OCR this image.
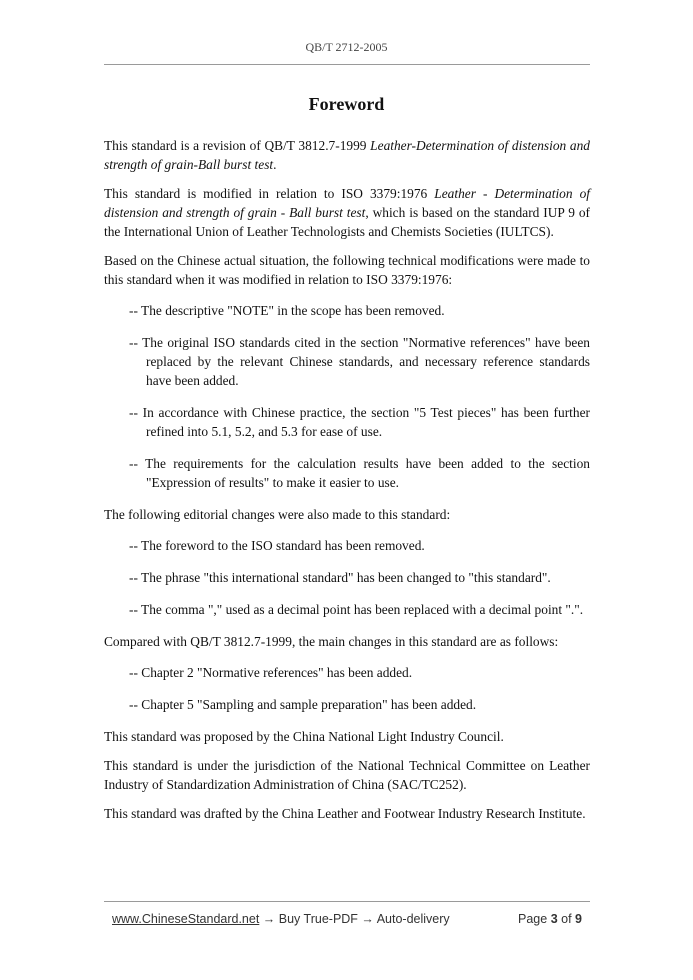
QB/T 2712-2005
Foreword

This standard is a revision of QB/T 3812.7-1999 Leather-Determination of distension and strength of grain-Ball burst test.

This standard is modified in relation to ISO 3379:1976 Leather - Determination of distension and strength of grain - Ball burst test, which is based on the standard IUP 9 of the International Union of Leather Technologists and Chemists Societies (IULTCS).

Based on the Chinese actual situation, the following technical modifications were made to this standard when it was modified in relation to ISO 3379:1976:

-- The descriptive "NOTE" in the scope has been removed.

-- The original ISO standards cited in the section "Normative references" have been replaced by the relevant Chinese standards, and necessary reference standards have been added.

-- In accordance with Chinese practice, the section "5 Test pieces" has been further refined into 5.1, 5.2, and 5.3 for ease of use.

-- The requirements for the calculation results have been added to the section "Expression of results" to make it easier to use.

The following editorial changes were also made to this standard:

-- The foreword to the ISO standard has been removed.

-- The phrase "this international standard" has been changed to "this standard".

-- The comma "," used as a decimal point has been replaced with a decimal point ".".

Compared with QB/T 3812.7-1999, the main changes in this standard are as follows:

-- Chapter 2 "Normative references" has been added.

-- Chapter 5 "Sampling and sample preparation" has been added.

This standard was proposed by the China National Light Industry Council.

This standard is under the jurisdiction of the National Technical Committee on Leather Industry of Standardization Administration of China (SAC/TC252).

This standard was drafted by the China Leather and Footwear Industry Research Institute.

www.ChineseStandard.net → Buy True-PDF → Auto-delivery	Page 3 of 9
